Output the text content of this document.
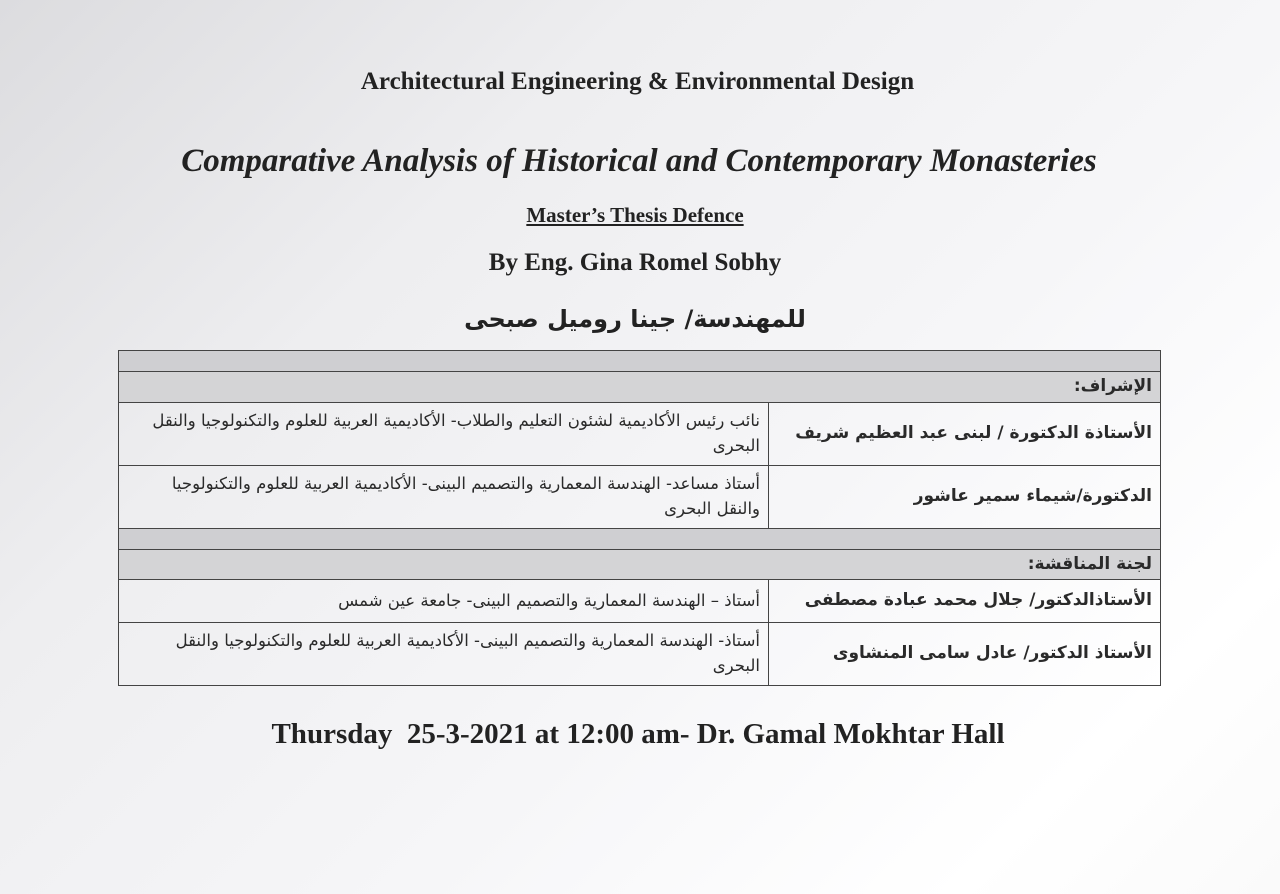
Architectural Engineering & Environmental Design
Comparative Analysis of Historical and Contemporary Monasteries
Master’s Thesis Defence
By Eng. Gina Romel Sobhy
للمهندسة/ جينا روميل صبحى

الإشراف:	
الأستاذة الدكتورة / لبنى عبد العظيم شريف	نائب رئيس الأكاديمية لشئون التعليم والطلاب- الأكاديمية العربية للعلوم والتكنولوجيا والنقل البحرى
الدكتورة/شيماء سمير عاشور	أستاذ مساعد- الهندسة المعمارية والتصميم البينى- الأكاديمية العربية للعلوم والتكنولوجيا والنقل البحرى

لجنة المناقشة:	
الأستاذالدكتور/ جلال محمد عبادة مصطفى	أستاذ – الهندسة المعمارية والتصميم البينى- جامعة عين شمس
الأستاذ الدكتور/ عادل سامى المنشاوى	أستاذ- الهندسة المعمارية والتصميم البينى- الأكاديمية العربية للعلوم والتكنولوجيا والنقل البحرى
Thursday  25-3-2021 at 12:00 am- Dr. Gamal Mokhtar Hall
